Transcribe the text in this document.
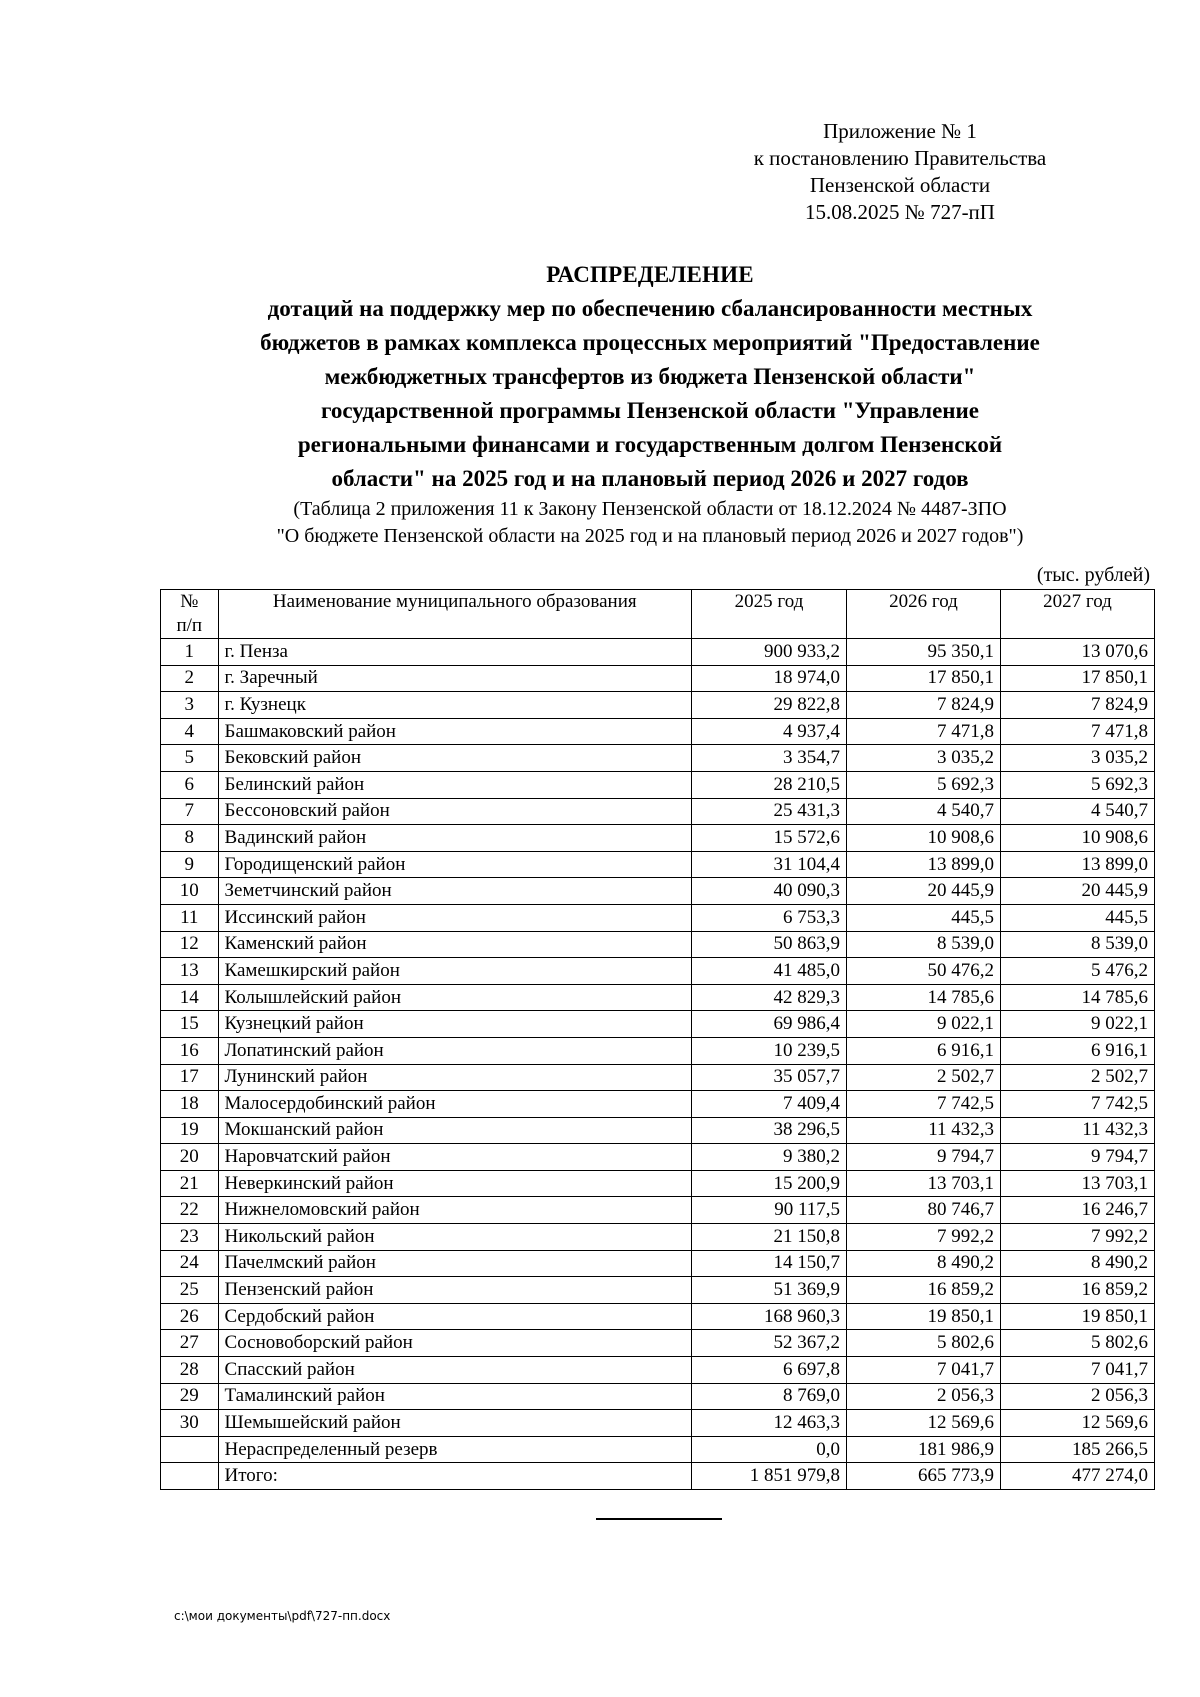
Приложение № 1
к постановлению Правительства
Пензенской области
15.08.2025 № 727-пП
РАСПРЕДЕЛЕНИЕ
дотаций на поддержку мер по обеспечению сбалансированности местных
бюджетов в рамках комплекса процессных мероприятий "Предоставление
межбюджетных трансфертов из бюджета Пензенской области"
государственной программы Пензенской области "Управление
региональными финансами и государственным долгом Пензенской
области" на 2025 год и на плановый период 2026 и 2027 годов
(Таблица 2 приложения 11 к Закону Пензенской области от 18.12.2024 № 4487-ЗПО
"О бюджете Пензенской области на 2025 год и на плановый период 2026 и 2027 годов")
(тыс. рублей)
№
п/п	Наименование муниципального образования	2025 год	2026 год	2027 год
1	г. Пенза	900 933,2	95 350,1	13 070,6
2	г. Заречный	18 974,0	17 850,1	17 850,1
3	г. Кузнецк	29 822,8	7 824,9	7 824,9
4	Башмаковский район	4 937,4	7 471,8	7 471,8
5	Бековский район	3 354,7	3 035,2	3 035,2
6	Белинский район	28 210,5	5 692,3	5 692,3
7	Бессоновский район	25 431,3	4 540,7	4 540,7
8	Вадинский район	15 572,6	10 908,6	10 908,6
9	Городищенский район	31 104,4	13 899,0	13 899,0
10	Земетчинский район	40 090,3	20 445,9	20 445,9
11	Иссинский район	6 753,3	445,5	445,5
12	Каменский район	50 863,9	8 539,0	8 539,0
13	Камешкирский район	41 485,0	50 476,2	5 476,2
14	Колышлейский район	42 829,3	14 785,6	14 785,6
15	Кузнецкий район	69 986,4	9 022,1	9 022,1
16	Лопатинский район	10 239,5	6 916,1	6 916,1
17	Лунинский район	35 057,7	2 502,7	2 502,7
18	Малосердобинский район	7 409,4	7 742,5	7 742,5
19	Мокшанский район	38 296,5	11 432,3	11 432,3
20	Наровчатский район	9 380,2	9 794,7	9 794,7
21	Неверкинский район	15 200,9	13 703,1	13 703,1
22	Нижнеломовский район	90 117,5	80 746,7	16 246,7
23	Никольский район	21 150,8	7 992,2	7 992,2
24	Пачелмский район	14 150,7	8 490,2	8 490,2
25	Пензенский район	51 369,9	16 859,2	16 859,2
26	Сердобский район	168 960,3	19 850,1	19 850,1
27	Сосновоборский район	52 367,2	5 802,6	5 802,6
28	Спасский район	6 697,8	7 041,7	7 041,7
29	Тамалинский район	8 769,0	2 056,3	2 056,3
30	Шемышейский район	12 463,3	12 569,6	12 569,6
	Нераспределенный резерв	0,0	181 986,9	185 266,5
	Итого:	1 851 979,8	665 773,9	477 274,0
c:\мои документы\pdf\727-пп.docx
